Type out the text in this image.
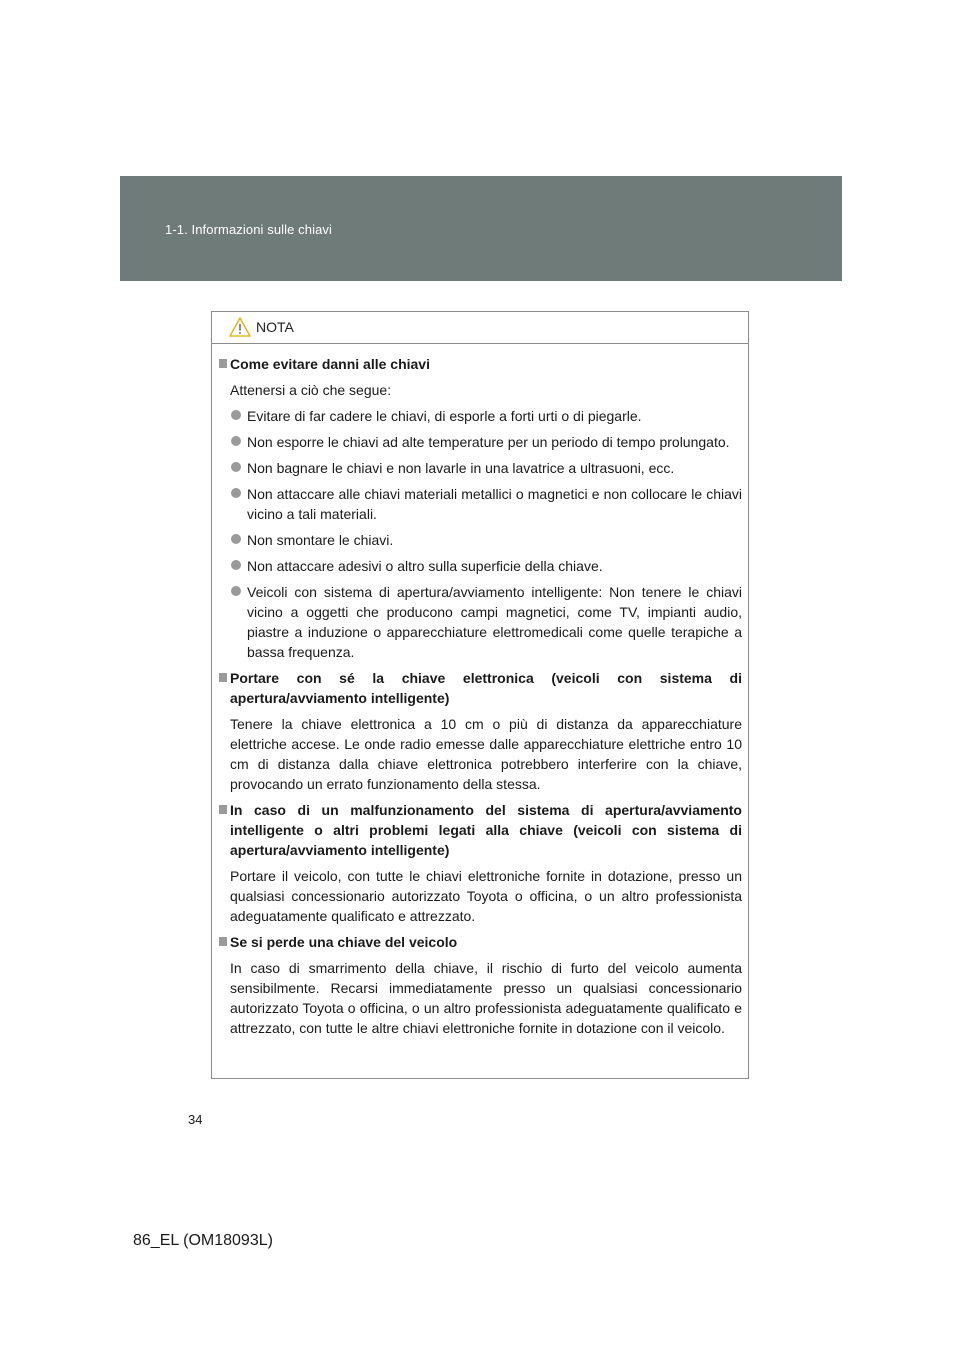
1-1. Informazioni sulle chiavi
NOTA
Come evitare danni alle chiavi
Attenersi a ciò che segue:
Evitare di far cadere le chiavi, di esporle a forti urti o di piegarle.
Non esporre le chiavi ad alte temperature per un periodo di tempo prolungato.
Non bagnare le chiavi e non lavarle in una lavatrice a ultrasuoni, ecc.
Non attaccare alle chiavi materiali metallici o magnetici e non collocare le chiavi vicino a tali materiali.
Non smontare le chiavi.
Non attaccare adesivi o altro sulla superficie della chiave.
Veicoli con sistema di apertura/avviamento intelligente: Non tenere le chiavi vicino a oggetti che producono campi magnetici, come TV, impianti audio, piastre a induzione o apparecchiature elettromedicali come quelle terapiche a bassa frequenza.
Portare con sé la chiave elettronica (veicoli con sistema di apertura/avviamento intelligente)
Tenere la chiave elettronica a 10 cm o più di distanza da apparecchiature elettriche accese. Le onde radio emesse dalle apparecchiature elettriche entro 10 cm di distanza dalla chiave elettronica potrebbero interferire con la chiave, provocando un errato funzionamento della stessa.
In caso di un malfunzionamento del sistema di apertura/avviamento intelligente o altri problemi legati alla chiave (veicoli con sistema di apertura/avviamento intelligente)
Portare il veicolo, con tutte le chiavi elettroniche fornite in dotazione, presso un qualsiasi concessionario autorizzato Toyota o officina, o un altro professionista adeguatamente qualificato e attrezzato.
Se si perde una chiave del veicolo
In caso di smarrimento della chiave, il rischio di furto del veicolo aumenta sensibilmente. Recarsi immediatamente presso un qualsiasi concessionario autorizzato Toyota o officina, o un altro professionista adeguatamente qualificato e attrezzato, con tutte le altre chiavi elettroniche fornite in dotazione con il veicolo.
34
86_EL (OM18093L)
